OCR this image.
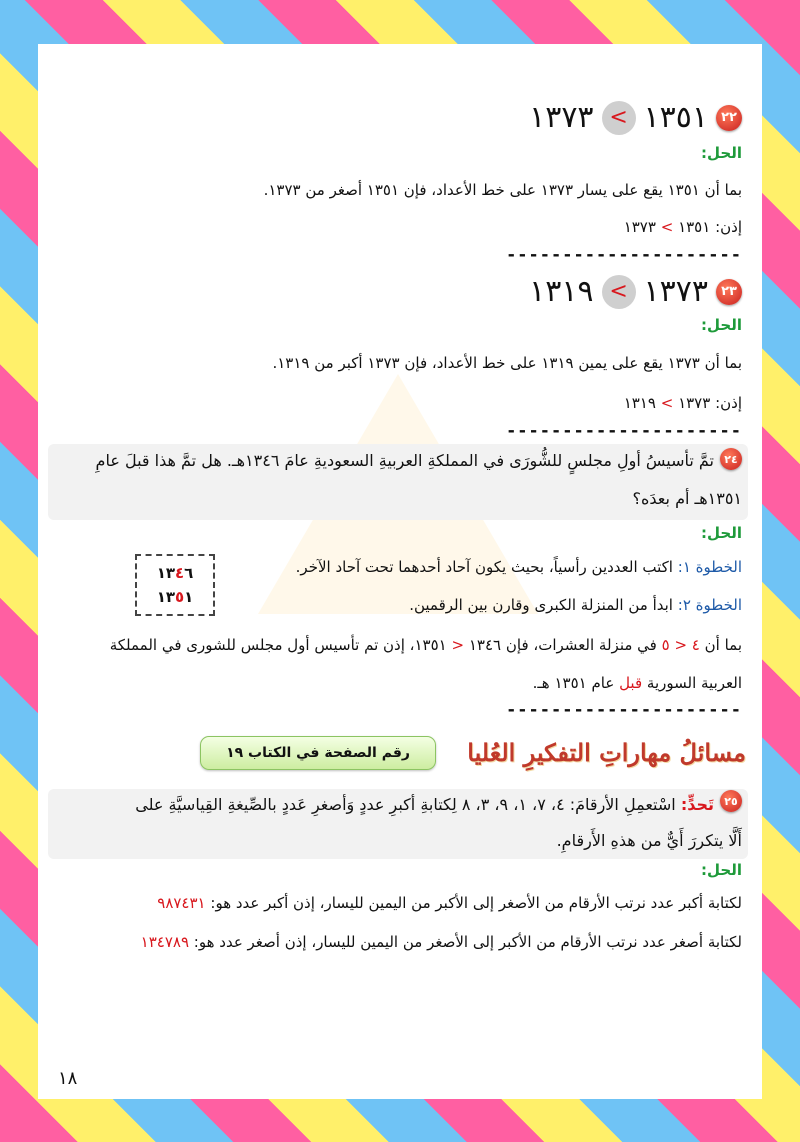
٢٢
١٣٥١
>
١٣٧٣
الحل:
بما أن ١٣٥١ يقع على يسار ١٣٧٣ على خط الأعداد، فإن ١٣٥١ أصغر من ١٣٧٣.
إذن: ١٣٥١ > ١٣٧٣
---------------------
٢٣
١٣٧٣
>
١٣١٩
الحل:
بما أن ١٣٧٣ يقع على يمين ١٣١٩ على خط الأعداد، فإن ١٣٧٣ أكبر من ١٣١٩.
إذن: ١٣٧٣ > ١٣١٩
---------------------
٢٤
تمَّ تأسيسُ أولِ مجلسٍ للشُّورَى في المملكةِ العربيةِ السعوديةِ عامَ ١٣٤٦هـ. هل تمَّ هذا قبلَ عامِ
١٣٥١هـ أم بعدَه؟
الحل:
الخطوة ١: اكتب العددين رأسياً، بحيث يكون آحاد أحدهما تحت آحاد الآخر.
الخطوة ٢: ابدأ من المنزلة الكبرى وقارن بين الرقمين.
١٣٤٦
١٣٥١
بما أن ٤ < ٥ في منزلة العشرات، فإن ١٣٤٦ < ١٣٥١، إذن تم تأسيس أول مجلس للشورى في المملكة
العربية السورية قبل عام ١٣٥١ هـ.
---------------------
مسائلُ مهاراتِ التفكيرِ العُليا
رقم الصفحة في الكتاب ١٩
٢٥
تَحدٍّ: اسْتعمِلِ الأرقامَ: ٤، ٧، ١، ٩، ٣، ٨ لِكتابةِ أكبرِ عددٍ وَأصغرِ عَددٍ بالصِّيغةِ القِياسيَّةِ على
أَلَّا يتكررَ أَيٌّ من هذهِ الأَرقامِ.
الحل:
لكتابة أكبر عدد نرتب الأرقام من الأصغر إلى الأكبر من اليمين لليسار، إذن أكبر عدد هو: ٩٨٧٤٣١
لكتابة أصغر عدد نرتب الأرقام من الأكبر إلى الأصغر من اليمين لليسار، إذن أصغر عدد هو: ١٣٤٧٨٩
١٨
